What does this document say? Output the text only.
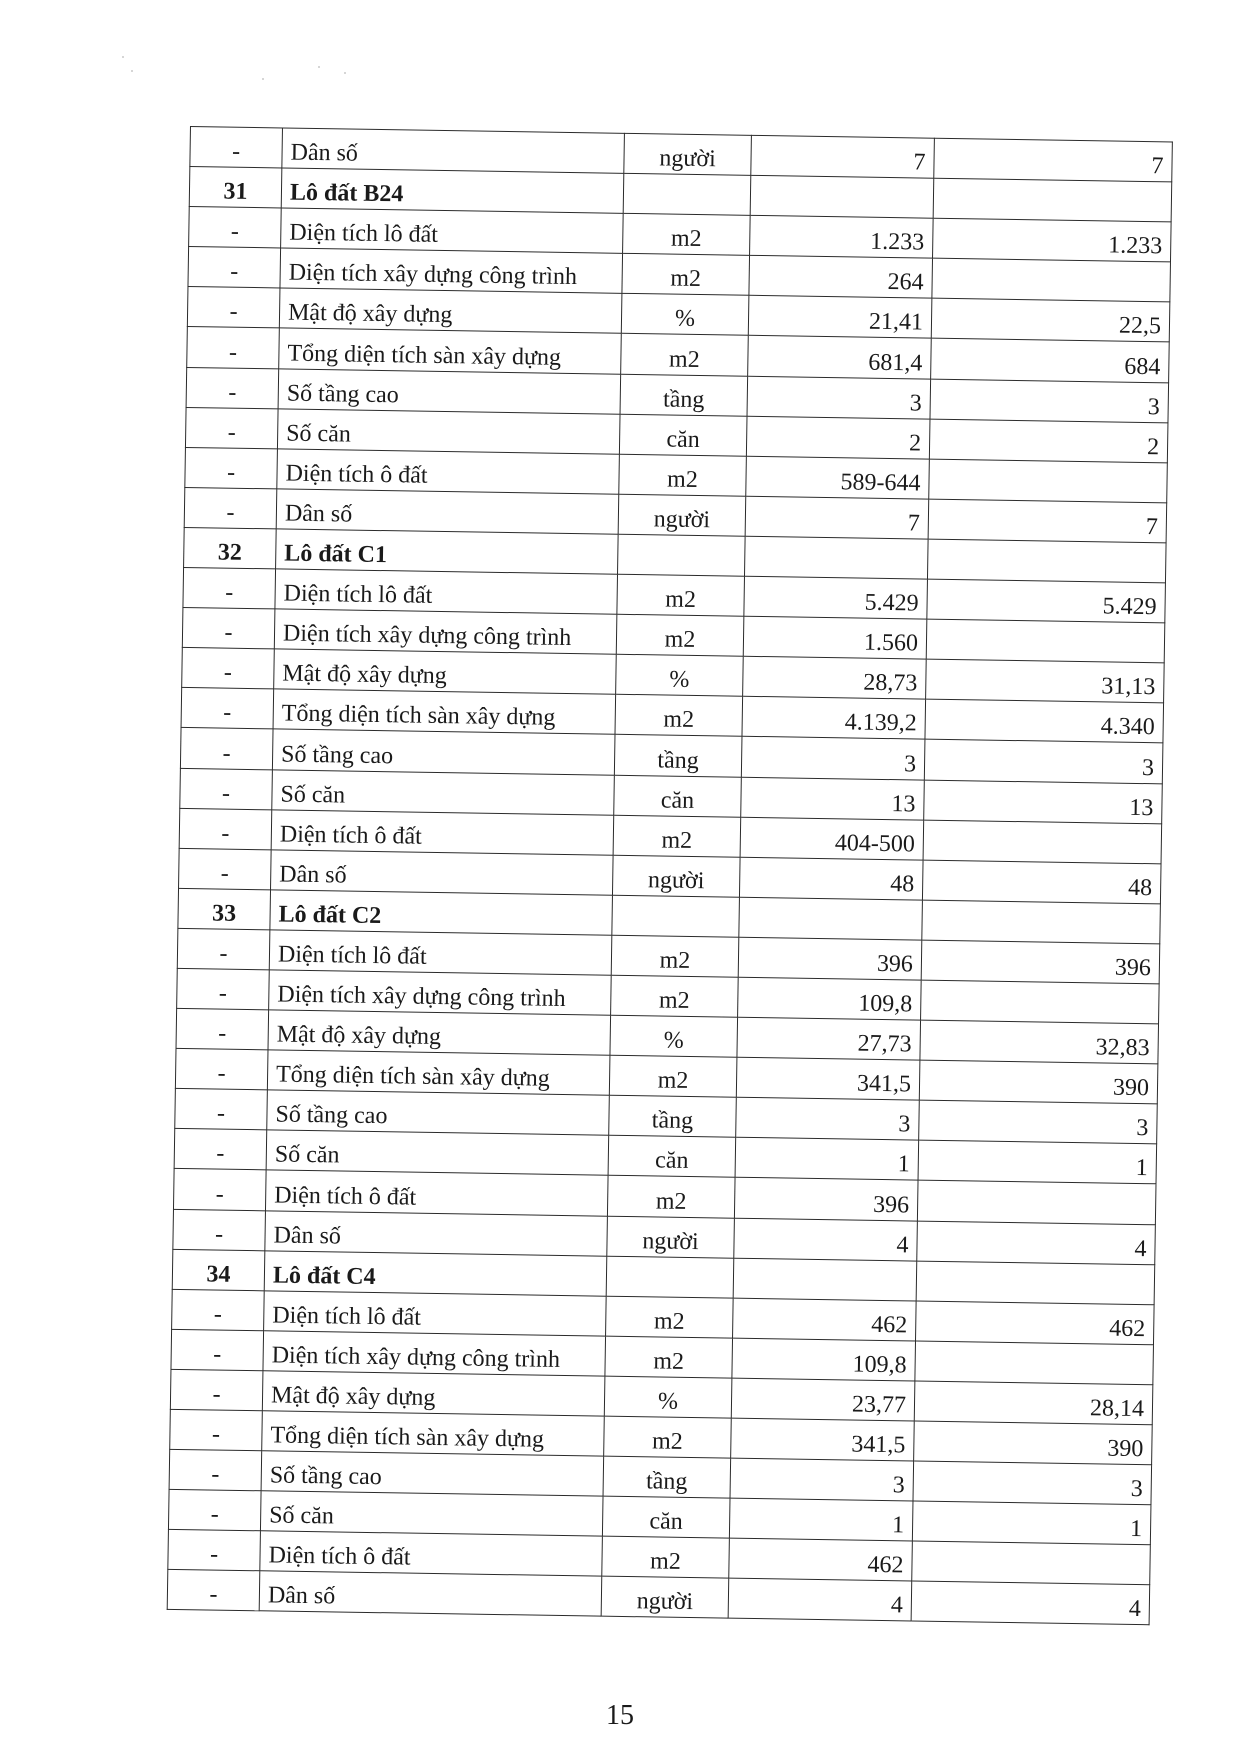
-	Dân số	người	7	7
31	Lô đất B24			
-	Diện tích lô đất	m2	1.233	1.233
-	Diện tích xây dựng công trình	m2	264	
-	Mật độ xây dựng	%	21,41	22,5
-	Tổng diện tích sàn xây dựng	m2	681,4	684
-	Số tầng cao	tầng	3	3
-	Số căn	căn	2	2
-	Diện tích ô đất	m2	589-644	
-	Dân số	người	7	7
32	Lô đất C1			
-	Diện tích lô đất	m2	5.429	5.429
-	Diện tích xây dựng công trình	m2	1.560	
-	Mật độ xây dựng	%	28,73	31,13
-	Tổng diện tích sàn xây dựng	m2	4.139,2	4.340
-	Số tầng cao	tầng	3	3
-	Số căn	căn	13	13
-	Diện tích ô đất	m2	404-500	
-	Dân số	người	48	48
33	Lô đất C2			
-	Diện tích lô đất	m2	396	396
-	Diện tích xây dựng công trình	m2	109,8	
-	Mật độ xây dựng	%	27,73	32,83
-	Tổng diện tích sàn xây dựng	m2	341,5	390
-	Số tầng cao	tầng	3	3
-	Số căn	căn	1	1
-	Diện tích ô đất	m2	396	
-	Dân số	người	4	4
34	Lô đất C4			
-	Diện tích lô đất	m2	462	462
-	Diện tích xây dựng công trình	m2	109,8	
-	Mật độ xây dựng	%	23,77	28,14
-	Tổng diện tích sàn xây dựng	m2	341,5	390
-	Số tầng cao	tầng	3	3
-	Số căn	căn	1	1
-	Diện tích ô đất	m2	462	
-	Dân số	người	4	4
15
